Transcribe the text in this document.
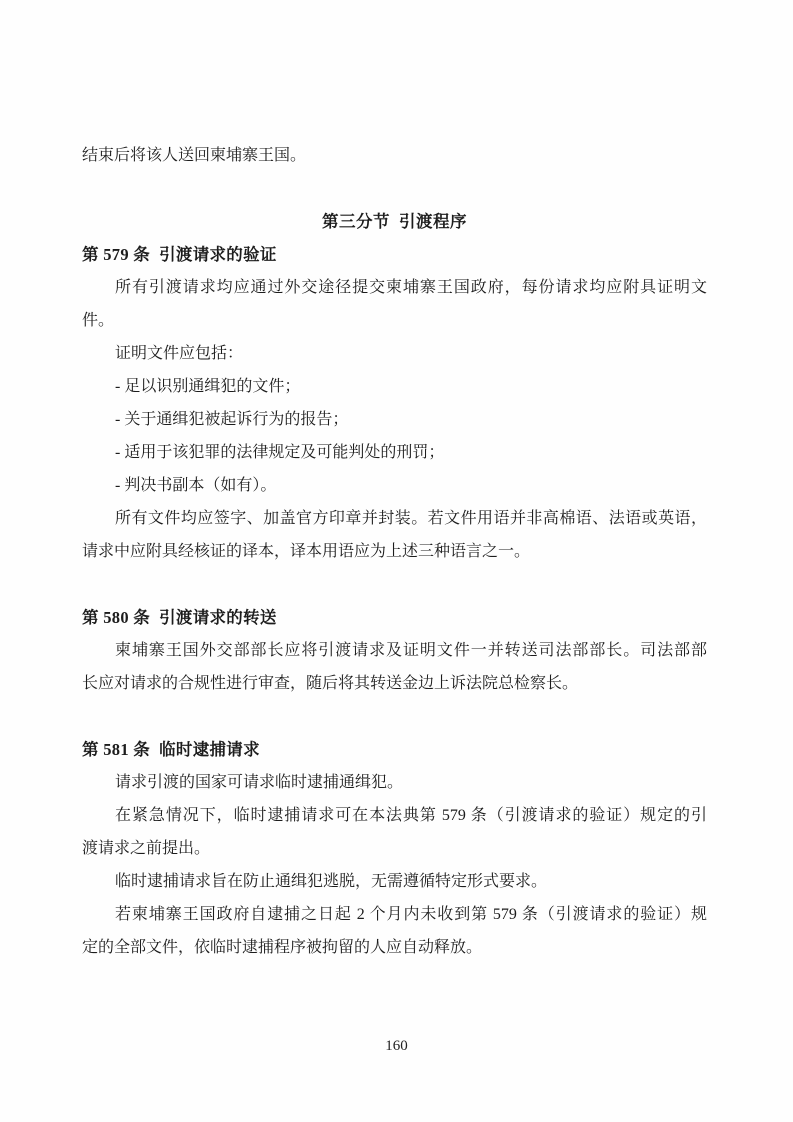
结束后将该人送回柬埔寨王国。
第三分节 引渡程序
第 579 条 引渡请求的验证
所有引渡请求均应通过外交途径提交柬埔寨王国政府，每份请求均应附具证明文
件。
证明文件应包括：
- 足以识别通缉犯的文件；
- 关于通缉犯被起诉行为的报告；
- 适用于该犯罪的法律规定及可能判处的刑罚；
- 判决书副本（如有）。
所有文件均应签字、加盖官方印章并封装。若文件用语并非高棉语、法语或英语，
请求中应附具经核证的译本，译本用语应为上述三种语言之一。
第 580 条 引渡请求的转送
柬埔寨王国外交部部长应将引渡请求及证明文件一并转送司法部部长。司法部部
长应对请求的合规性进行审查，随后将其转送金边上诉法院总检察长。
第 581 条 临时逮捕请求
请求引渡的国家可请求临时逮捕通缉犯。
在紧急情况下，临时逮捕请求可在本法典第 579 条（引渡请求的验证）规定的引
渡请求之前提出。
临时逮捕请求旨在防止通缉犯逃脱，无需遵循特定形式要求。
若柬埔寨王国政府自逮捕之日起 2 个月内未收到第 579 条（引渡请求的验证）规
定的全部文件，依临时逮捕程序被拘留的人应自动释放。
160
